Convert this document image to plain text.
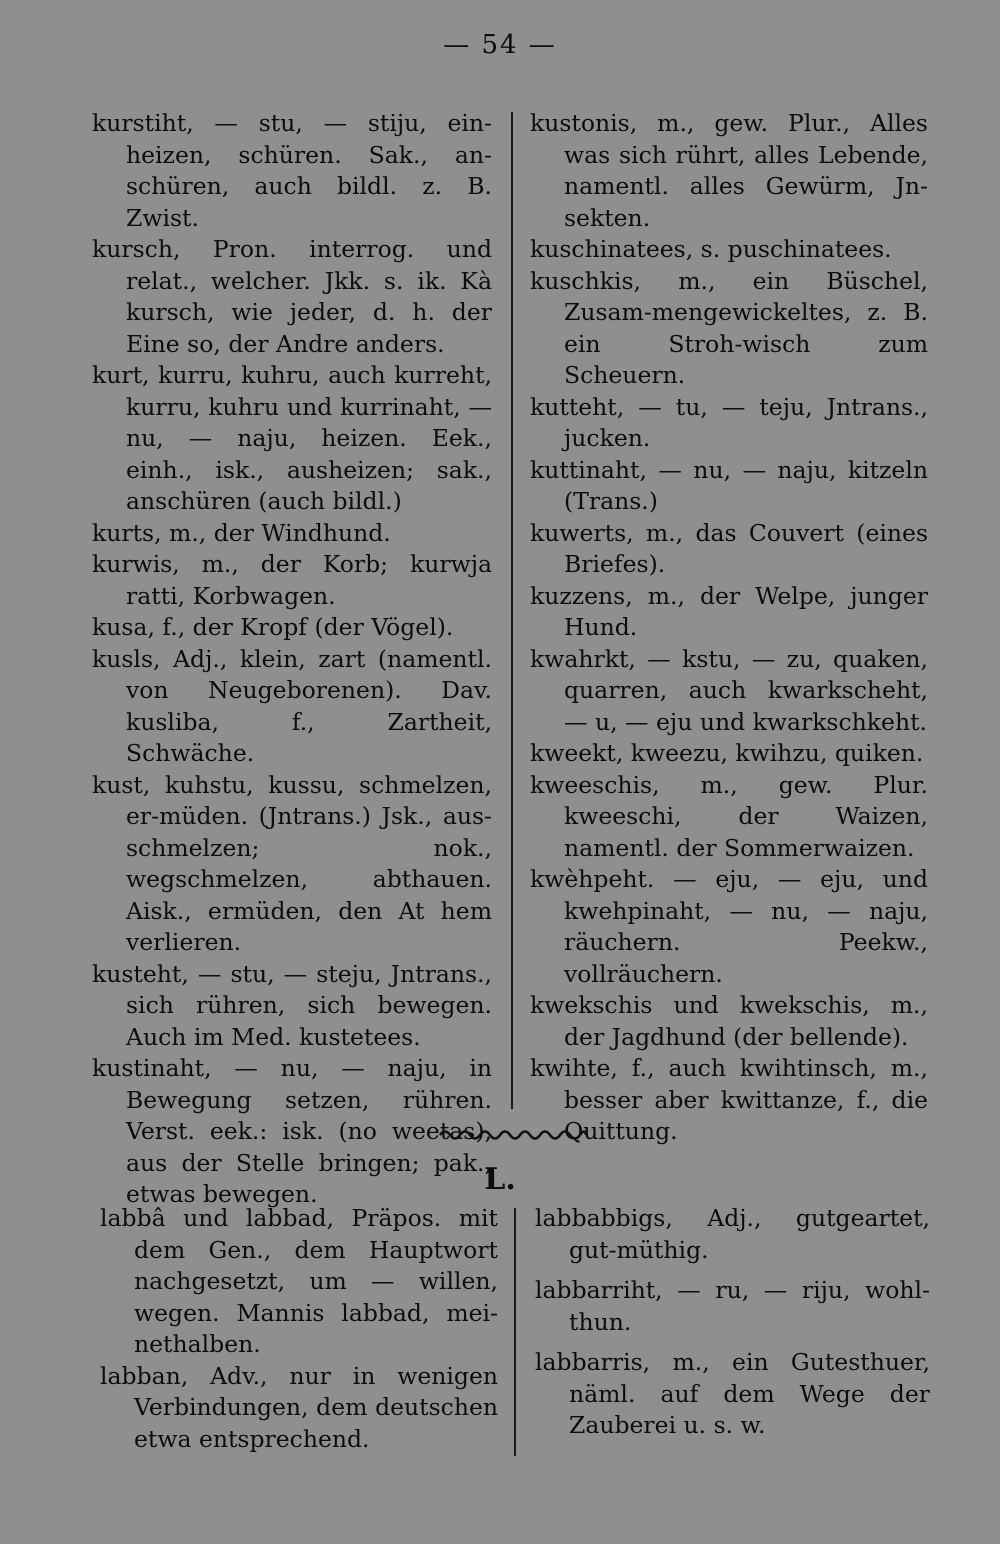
— 54 —
kurstiht, — stu, — stiju, ein-heizen, schüren. Sak., an-schüren, auch bildl. z. B. Zwist.
kursch, Pron. interrog. und relat., welcher. Jkk. s. ik. Kà kursch, wie jeder, d. h. der Eine so, der Andre anders.
kurt, kurru, kuhru, auch kurreht, kurru, kuhru und kurrinaht, — nu, — naju, heizen. Eek., einh., isk., ausheizen; sak., anschüren (auch bildl.)
kurts, m., der Windhund.
kurwis, m., der Korb; kurwja ratti, Korbwagen.
kusa, f., der Kropf (der Vögel).
kusls, Adj., klein, zart (namentl. von Neugeborenen). Dav. kusliba, f., Zartheit, Schwäche.
kust, kuhstu, kussu, schmelzen, er-müden. (Jntrans.) Jsk., aus-schmelzen; nok., wegschmelzen, abthauen. Aisk., ermüden, den At hem verlieren.
kusteht, — stu, — steju, Jntrans., sich rühren, sich bewegen. Auch im Med. kustetees.
kustinaht, — nu, — naju, in Bewegung setzen, rühren. Verst. eek.: isk. (no weetas), aus der Stelle bringen; pak., etwas bewegen.
kustonis, m., gew. Plur., Alles was sich rührt, alles Lebende, namentl. alles Gewürm, Jn-sekten.
kuschinatees, s. puschinatees.
kuschkis, m., ein Büschel, Zusam-mengewickeltes, z. B. ein Stroh-wisch zum Scheuern.
kutteht, — tu, — teju, Jntrans., jucken.
kuttinaht, — nu, — naju, kitzeln (Trans.)
kuwerts, m., das Couvert (eines Briefes).
kuzzens, m., der Welpe, junger Hund.
kwahrkt, — kstu, — zu, quaken, quarren, auch kwarkscheht, — u, — eju und kwarkschkeht.
kweekt, kweezu, kwihzu, quiken.
kweeschis, m., gew. Plur. kweeschi, der Waizen, namentl. der Sommerwaizen.
kwèhpeht. — eju, — eju, und kwehpinaht, — nu, — naju, räuchern. Peekw., vollräuchern.
kwekschis und kwekschis, m., der Jagdhund (der bellende).
kwihte, f., auch kwihtinsch, m., besser aber kwittanze, f., die Quittung.
L.
labbâ und labbad, Präpos. mit dem Gen., dem Hauptwort nachgesetzt, um — willen, wegen. Mannis labbad, mei-nethalben.
labban, Adv., nur in wenigen Verbindungen, dem deutschen etwa entsprechend.
labbabbigs, Adj., gutgeartet, gut-müthig.
labbarriht, — ru, — riju, wohl-thun.
labbarris, m., ein Gutesthuer, näml. auf dem Wege der Zauberei u. s. w.
